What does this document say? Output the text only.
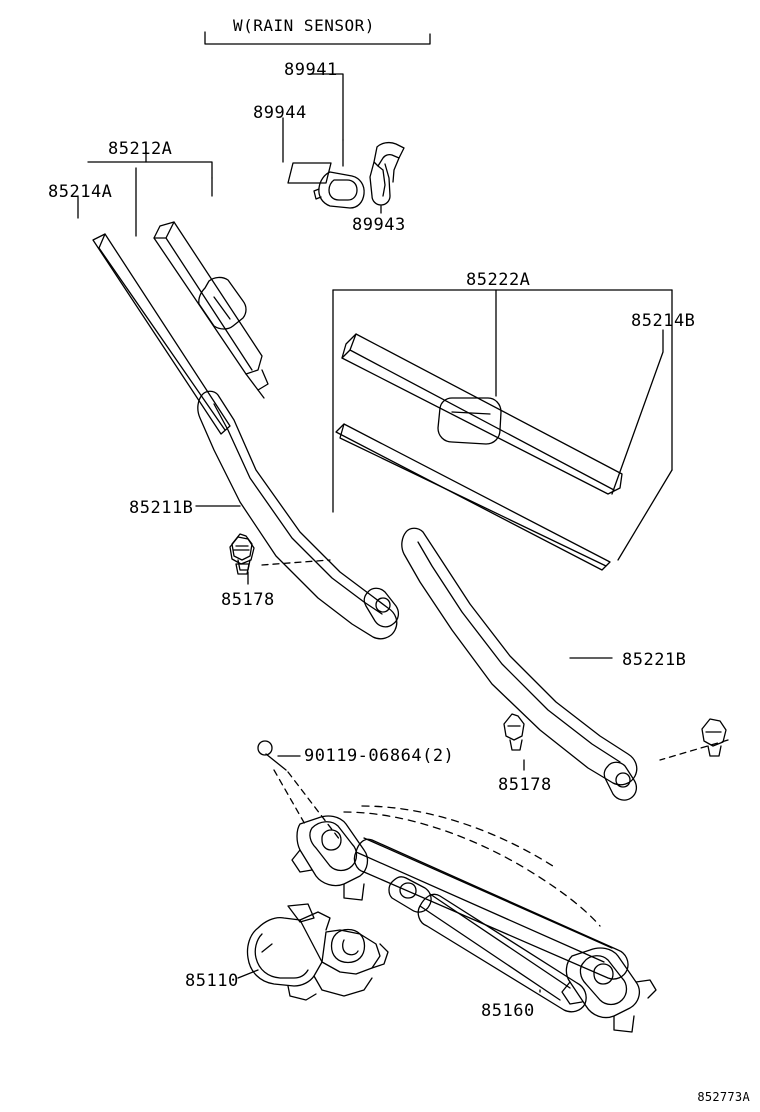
W(RAIN SENSOR)
89941
89944
89943
85212A
85214A
85222A
85214B
85211B
85178
85221B
85178
90119-06864(2)
85110
85160
852773A
